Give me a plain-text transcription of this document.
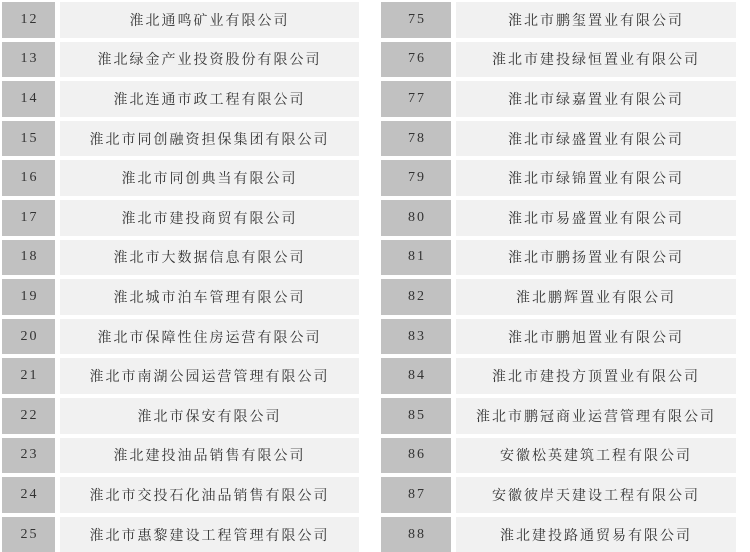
12	淮北通鸣矿业有限公司
13	淮北绿金产业投资股份有限公司
14	淮北连通市政工程有限公司
15	淮北市同创融资担保集团有限公司
16	淮北市同创典当有限公司
17	淮北市建投商贸有限公司
18	淮北市大数据信息有限公司
19	淮北城市泊车管理有限公司
20	淮北市保障性住房运营有限公司
21	淮北市南湖公园运营管理有限公司
22	淮北市保安有限公司
23	淮北建投油品销售有限公司
24	淮北市交投石化油品销售有限公司
25	淮北市惠黎建设工程管理有限公司
75	淮北市鹏玺置业有限公司
76	淮北市建投绿恒置业有限公司
77	淮北市绿嘉置业有限公司
78	淮北市绿盛置业有限公司
79	淮北市绿锦置业有限公司
80	淮北市易盛置业有限公司
81	淮北市鹏扬置业有限公司
82	淮北鹏辉置业有限公司
83	淮北市鹏旭置业有限公司
84	淮北市建投方顶置业有限公司
85	淮北市鹏冠商业运营管理有限公司
86	安徽松英建筑工程有限公司
87	安徽彼岸天建设工程有限公司
88	淮北建投路通贸易有限公司
